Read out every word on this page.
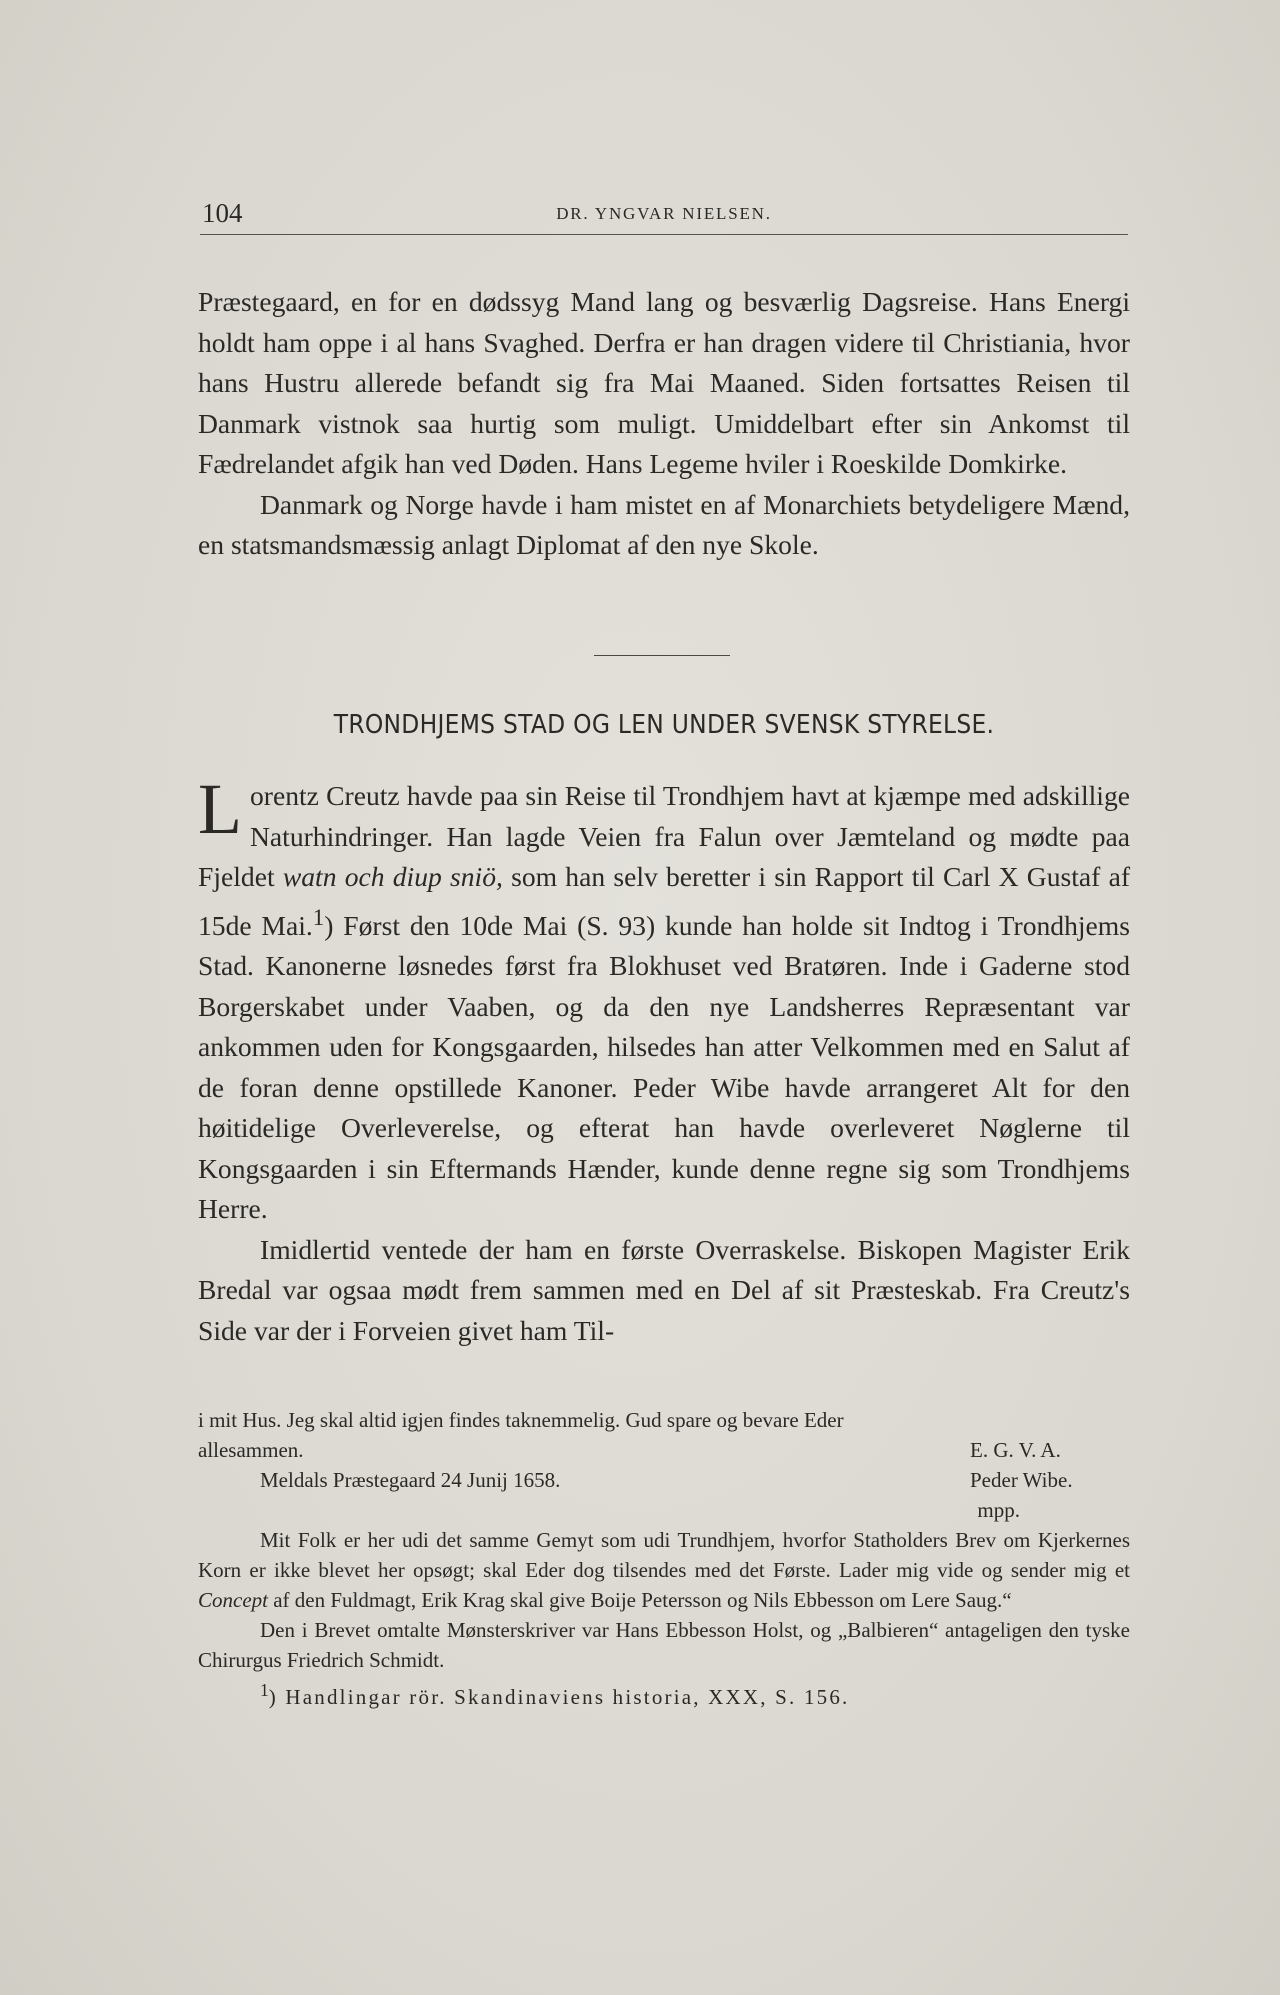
104	DR. YNGVAR NIELSEN.

Præstegaard, en for en dødssyg Mand lang og besværlig Dagsreise. Hans Energi holdt ham oppe i al hans Svaghed. Derfra er han dragen videre til Christiania, hvor hans Hustru allerede befandt sig fra Mai Maaned. Siden fortsattes Reisen til Danmark vistnok saa hurtig som muligt. Umiddelbart efter sin Ankomst til Fædrelandet afgik han ved Døden. Hans Legeme hviler i Roeskilde Domkirke.

Danmark og Norge havde i ham mistet en af Monarchiets betydeligere Mænd, en statsmandsmæssig anlagt Diplomat af den nye Skole.

TRONDHJEMS STAD OG LEN UNDER SVENSK STYRELSE.

Lorentz Creutz havde paa sin Reise til Trondhjem havt at kjæmpe med adskillige Naturhindringer. Han lagde Veien fra Falun over Jæmteland og mødte paa Fjeldet watn och diup sniö, som han selv beretter i sin Rapport til Carl X Gustaf af 15de Mai.$^1$) Først den 10de Mai (S. 93) kunde han holde sit Indtog i Trondhjems Stad. Kanonerne løsnedes først fra Blokhuset ved Bratøren. Inde i Gaderne stod Borgerskabet under Vaaben, og da den nye Landsherres Repræsentant var ankommen uden for Kongsgaarden, hilsedes han atter Velkommen med en Salut af de foran denne opstillede Kanoner. Peder Wibe havde arrangeret Alt for den høitidelige Overleverelse, og efterat han havde overleveret Nøglerne til Kongsgaarden i sin Eftermands Hænder, kunde denne regne sig som Trondhjems Herre.

Imidlertid ventede der ham en første Overraskelse. Biskopen Magister Erik Bredal var ogsaa mødt frem sammen med en Del af sit Præsteskab. Fra Creutz's Side var der i Forveien givet ham Til-

i mit Hus. Jeg skal altid igjen findes taknemmelig. Gud spare og bevare Eder

allesammen.	E. G. V. A.
Meldals Præstegaard 24 Junij 1658.	Peder Wibe.
mpp.

Mit Folk er her udi det samme Gemyt som udi Trundhjem, hvorfor Statholders Brev om Kjerkernes Korn er ikke blevet her opsøgt; skal Eder dog tilsendes med det Første. Lader mig vide og sender mig et Concept af den Fuldmagt, Erik Krag skal give Boije Petersson og Nils Ebbesson om Lere Saug.“

Den i Brevet omtalte Mønsterskriver var Hans Ebbesson Holst, og „Balbieren“ antageligen den tyske Chirurgus Friedrich Schmidt.

$^1$) Handlingar rör. Skandinaviens historia, XXX, S. 156.
